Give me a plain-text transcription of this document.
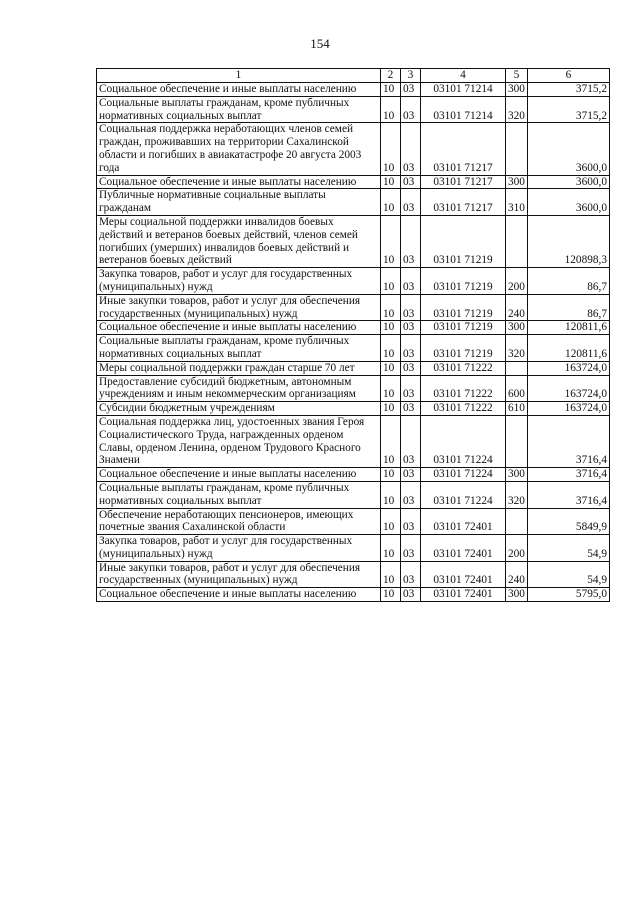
154
1	2	3	4	5	6
Социальное обеспечение и иные выплаты населению	10	03	03101 71214	300	3715,2
Социальные выплаты гражданам, кроме публичных нормативных социальных выплат	10	03	03101 71214	320	3715,2
Социальная поддержка неработающих членов семей граждан, проживавших на территории Сахалинской области и погибших в авиакатастрофе 20 августа 2003 года	10	03	03101 71217		3600,0
Социальное обеспечение и иные выплаты населению	10	03	03101 71217	300	3600,0
Публичные нормативные социальные выплаты гражданам	10	03	03101 71217	310	3600,0
Меры социальной поддержки инвалидов боевых действий и ветеранов боевых действий, членов семей погибших (умерших) инвалидов боевых действий и ветеранов боевых действий	10	03	03101 71219		120898,3
Закупка товаров, работ и услуг для государственных (муниципальных) нужд	10	03	03101 71219	200	86,7
Иные закупки товаров, работ и услуг для обеспечения государственных (муниципальных) нужд	10	03	03101 71219	240	86,7
Социальное обеспечение и иные выплаты населению	10	03	03101 71219	300	120811,6
Социальные выплаты гражданам, кроме публичных нормативных социальных выплат	10	03	03101 71219	320	120811,6
Меры социальной поддержки граждан старше 70 лет	10	03	03101 71222		163724,0
Предоставление субсидий бюджетным, автономным учреждениям и иным некоммерческим организациям	10	03	03101 71222	600	163724,0
Субсидии бюджетным учреждениям	10	03	03101 71222	610	163724,0
Социальная поддержка лиц, удостоенных звания Героя Социалистического Труда, награжденных орденом Славы, орденом Ленина, орденом Трудового Красного Знамени	10	03	03101 71224		3716,4
Социальное обеспечение и иные выплаты населению	10	03	03101 71224	300	3716,4
Социальные выплаты гражданам, кроме публичных нормативных социальных выплат	10	03	03101 71224	320	3716,4
Обеспечение неработающих пенсионеров, имеющих почетные звания Сахалинской области	10	03	03101 72401		5849,9
Закупка товаров, работ и услуг для государственных (муниципальных) нужд	10	03	03101 72401	200	54,9
Иные закупки товаров, работ и услуг для обеспечения государственных (муниципальных) нужд	10	03	03101 72401	240	54,9
Социальное обеспечение и иные выплаты населению	10	03	03101 72401	300	5795,0
